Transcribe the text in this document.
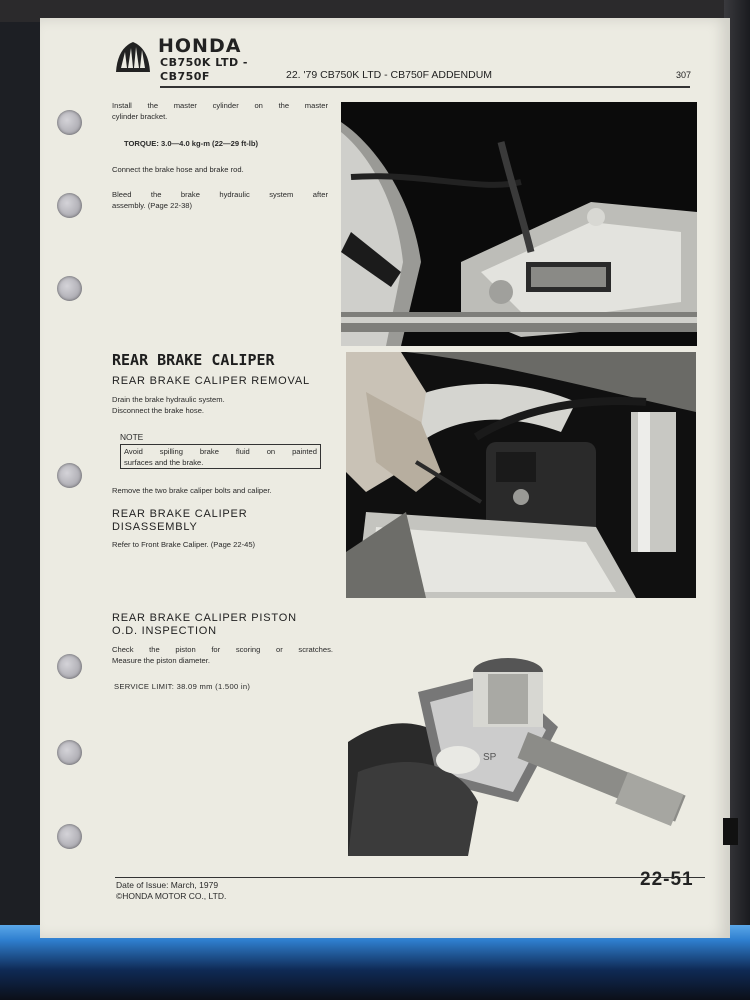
HONDA
CB750K LTD -
CB750F	22. '79 CB750K LTD - CB750F ADDENDUM	307
Install the master cylinder on the master
cylinder bracket.
TORQUE: 3.0—4.0 kg-m (22—29 ft-lb)
Connect the brake hose and brake rod.
Bleed the brake hydraulic system after
assembly. (Page 22-38)
REAR BRAKE CALIPER
REAR BRAKE CALIPER REMOVAL
Drain the brake hydraulic system.
Disconnect the brake hose.
NOTE
Avoid spilling brake fluid on painted
surfaces and the brake.
Remove the two brake caliper bolts and caliper.
REAR BRAKE CALIPER
DISASSEMBLY
Refer to Front Brake Caliper. (Page 22-45)
REAR BRAKE CALIPER PISTON
O.D. INSPECTION
Check the piston for scoring or scratches.
Measure the piston diameter.
SERVICE LIMIT: 38.09 mm (1.500 in)
SP
Date of Issue: March, 1979
©HONDA MOTOR CO., LTD.
22-51
